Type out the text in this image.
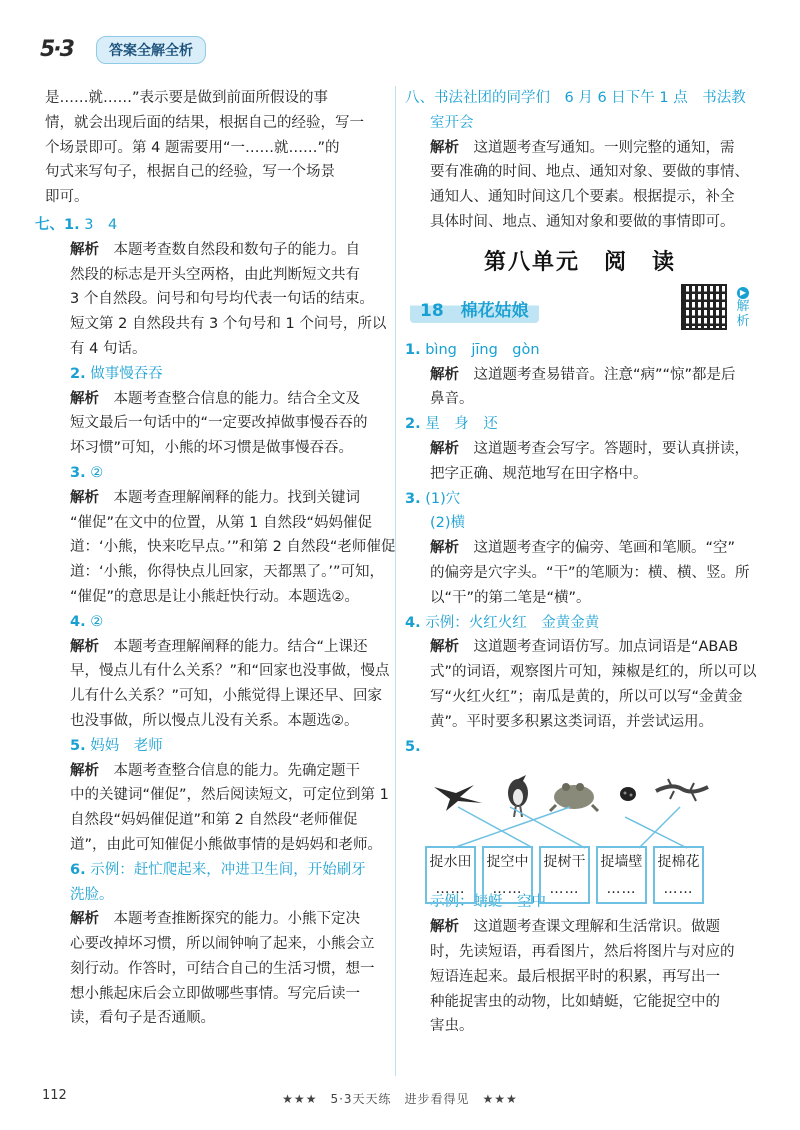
5·3	答案全解全析
是……就……”表示要是做到前面所假设的事
情，就会出现后面的结果，根据自己的经验，写一
个场景即可。第 4 题需要用“一……就……”的
句式来写句子，根据自己的经验，写一个场景
即可。
七、1. 3　4
解析　 本题考查数自然段和数句子的能力。自
然段的标志是开头空两格，由此判断短文共有
3 个自然段。问号和句号均代表一句话的结束。
短文第 2 自然段共有 3 个句号和 1 个问号，所以
有 4 句话。
2. 做事慢吞吞
解析　 本题考查整合信息的能力。结合全文及
短文最后一句话中的“一定要改掉做事慢吞吞的
坏习惯”可知，小熊的坏习惯是做事慢吞吞。
3. ②
解析　 本题考查理解阐释的能力。找到关键词
“催促”在文中的位置，从第 1 自然段“妈妈催促
道：‘小熊，快来吃早点。’”和第 2 自然段“老师催促
道：‘小熊，你得快点儿回家，天都黑了。’”可知，
“催促”的意思是让小熊赶快行动。本题选②。
4. ②
解析　 本题考查理解阐释的能力。结合“上课还
早，慢点儿有什么关系？”和“回家也没事做，慢点
儿有什么关系？”可知，小熊觉得上课还早、回家
也没事做，所以慢点儿没有关系。本题选②。
5. 妈妈　老师
解析　 本题考查整合信息的能力。先确定题干
中的关键词“催促”，然后阅读短文，可定位到第 1
自然段“妈妈催促道”和第 2 自然段“老师催促
道”，由此可知催促小熊做事情的是妈妈和老师。
6. 示例：赶忙爬起来，冲进卫生间，开始刷牙
洗脸。
解析　 本题考查推断探究的能力。小熊下定决
心要改掉坏习惯，所以闹钟响了起来，小熊会立
刻行动。作答时，可结合自己的生活习惯，想一
想小熊起床后会立即做哪些事情。写完后读一
读，看句子是否通顺。
八、书法社团的同学们　6 月 6 日下午 1 点　书法教
室开会
解析　 这道题考查写通知。一则完整的通知，需
要有准确的时间、地点、通知对象、要做的事情、
通知人、通知时间这几个要素。根据提示，补全
具体时间、地点、通知对象和要做的事情即可。
第八单元　阅　读
18　棉花姑娘
▶
解析
1. bìng　jīng　gòn
解析　 这道题考查易错音。注意“病”“惊”都是后
鼻音。
2. 星　身　还
解析　 这道题考查会写字。答题时，要认真拼读，
把字正确、规范地写在田字格中。
3. (1)穴
(2)横
解析　 这道题考查字的偏旁、笔画和笔顺。“空”
的偏旁是穴字头。“干”的笔顺为：横、横、竖。所
以“干”的第二笔是“横”。
4. 示例：火红火红　金黄金黄
解析　 这道题考查词语仿写。加点词语是“ABAB
式”的词语，观察图片可知，辣椒是红的，所以可以
写“火红火红”；南瓜是黄的，所以可以写“金黄金
黄”。平时要多积累这类词语，并尝试运用。
5.
示例：蜻蜓　空中
解析　 这道题考查课文理解和生活常识。做题
时，先读短语，再看图片，然后将图片与对应的
短语连起来。最后根据平时的积累，再写出一
种能捉害虫的动物，比如蜻蜓，它能捉空中的
害虫。
捉水田
……
捉空中
……
捉树干
……
捉墙壁
……
捉棉花
……
112	★★★　5·3天天练　进步看得见　★★★
